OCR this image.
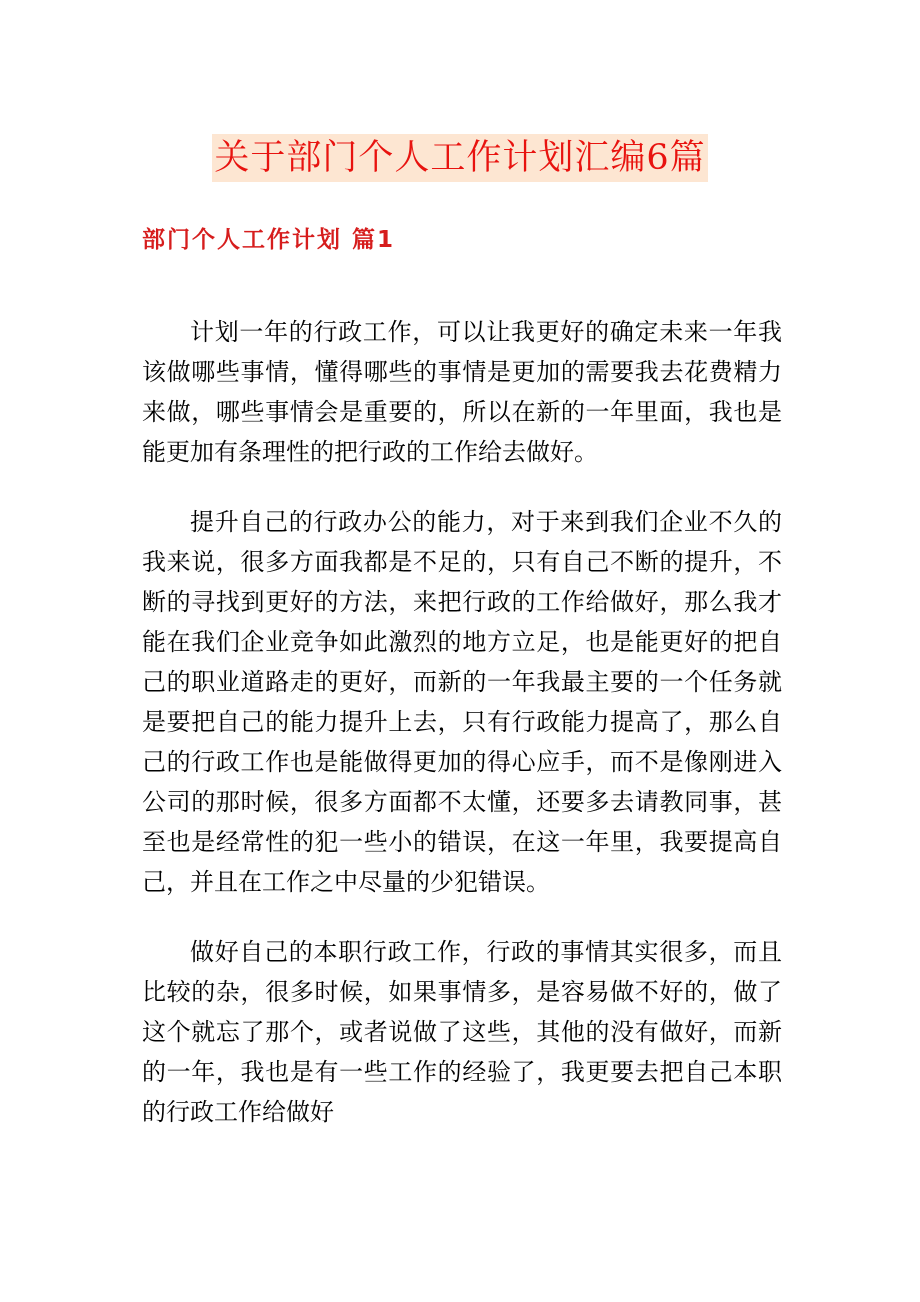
关于部门个人工作计划汇编6篇
部门个人工作计划 篇1

计划一年的行政工作，可以让我更好的确定未来一年我该做哪些事情，懂得哪些的事情是更加的需要我去花费精力来做，哪些事情会是重要的，所以在新的一年里面，我也是能更加有条理性的把行政的工作给去做好。

提升自己的行政办公的能力，对于来到我们企业不久的我来说，很多方面我都是不足的，只有自己不断的提升，不断的寻找到更好的方法，来把行政的工作给做好，那么我才能在我们企业竞争如此激烈的地方立足，也是能更好的把自己的职业道路走的更好，而新的一年我最主要的一个任务就是要把自己的能力提升上去，只有行政能力提高了，那么自己的行政工作也是能做得更加的得心应手，而不是像刚进入公司的那时候，很多方面都不太懂，还要多去请教同事，甚至也是经常性的犯一些小的错误，在这一年里，我要提高自己，并且在工作之中尽量的少犯错误。

做好自己的本职行政工作，行政的事情其实很多，而且比较的杂，很多时候，如果事情多，是容易做不好的，做了这个就忘了那个，或者说做了这些，其他的没有做好，而新的一年，我也是有一些工作的经验了，我更要去把自己本职的行政工作给做好
